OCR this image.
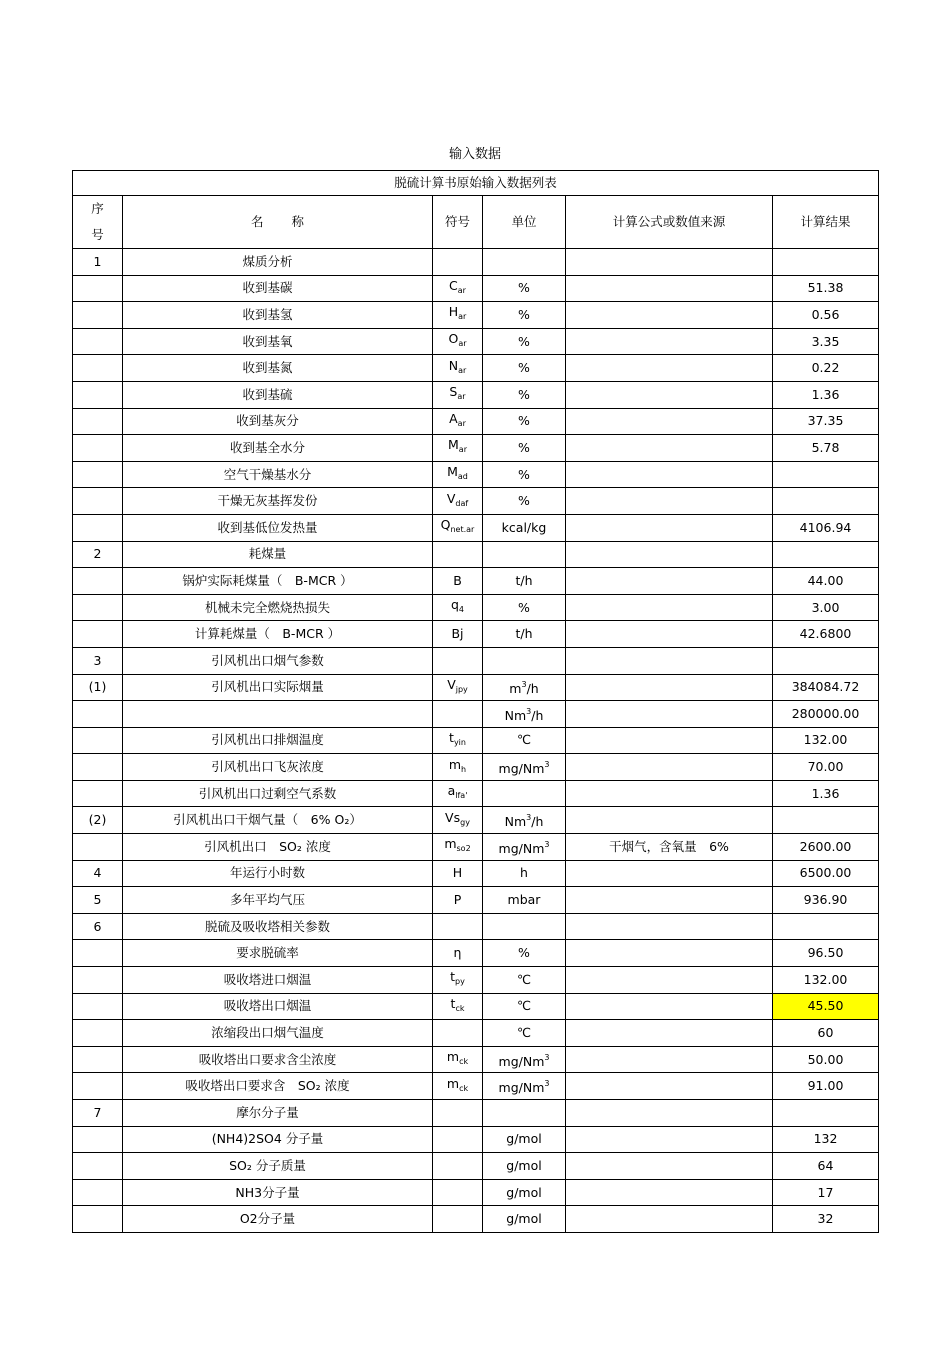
输入数据
脱硫计算书原始输入数据列表					

序
号	名称	符号	单位	计算公式或数值来源	计算结果
1	煤质分析				
	收到基碳	$C_{ar}$	%		51.38
	收到基氢	$H_{ar}$	%		0.56
	收到基氧	$O_{ar}$	%		3.35
	收到基氮	$N_{ar}$	%		0.22
	收到基硫	$S_{ar}$	%		1.36
	收到基灰分	$A_{ar}$	%		37.35
	收到基全水分	$M_{ar}$	%		5.78
	空气干燥基水分	$M_{ad}$	%		
	干燥无灰基挥发份	$V_{daf}$	%		
	收到基低位发热量	$Q_{net.ar}$	kcal/kg		4106.94
2	耗煤量				
	锅炉实际耗煤量（　B-MCR ）	B	t/h		44.00
	机械未完全燃烧热损失	$q_4$	%		3.00
	计算耗煤量（　B-MCR ）	Bj	t/h		42.6800
3	引风机出口烟气参数				
(1)	引风机出口实际烟量	$V_{jpy}$	$m^3/h$		384084.72
			Nm$^3$/h		280000.00
	引风机出口排烟温度	$t_{yin}$	℃		132.00
	引风机出口飞灰浓度	$m_h$	mg/Nm$^3$		70.00
	引风机出口过剩空气系数	$a_{lfa'}$			1.36
(2)	引风机出口干烟气量（　6% O₂）	$Vs_{gy}$	Nm$^3$/h		
	引风机出口　SO₂ 浓度	$m_{so2}$	mg/Nm$^3$	干烟气，含氧量　6%	2600.00
4	年运行小时数	H	h		6500.00
5	多年平均气压	P	mbar		936.90
6	脱硫及吸收塔相关参数				
	要求脱硫率	η	%		96.50
	吸收塔进口烟温	$t_{py}$	℃		132.00
	吸收塔出口烟温	$t_{ck}$	℃		45.50
	浓缩段出口烟气温度		℃		60
	吸收塔出口要求含尘浓度	$m_{ck}$	mg/Nm$^3$		50.00
	吸收塔出口要求含　SO₂ 浓度	$m_{ck}$	mg/Nm$^3$		91.00
7	摩尔分子量				
	(NH4)2SO4 分子量		g/mol		132
	SO₂ 分子质量		g/mol		64
	NH3分子量		g/mol		17
	O2分子量		g/mol		32
